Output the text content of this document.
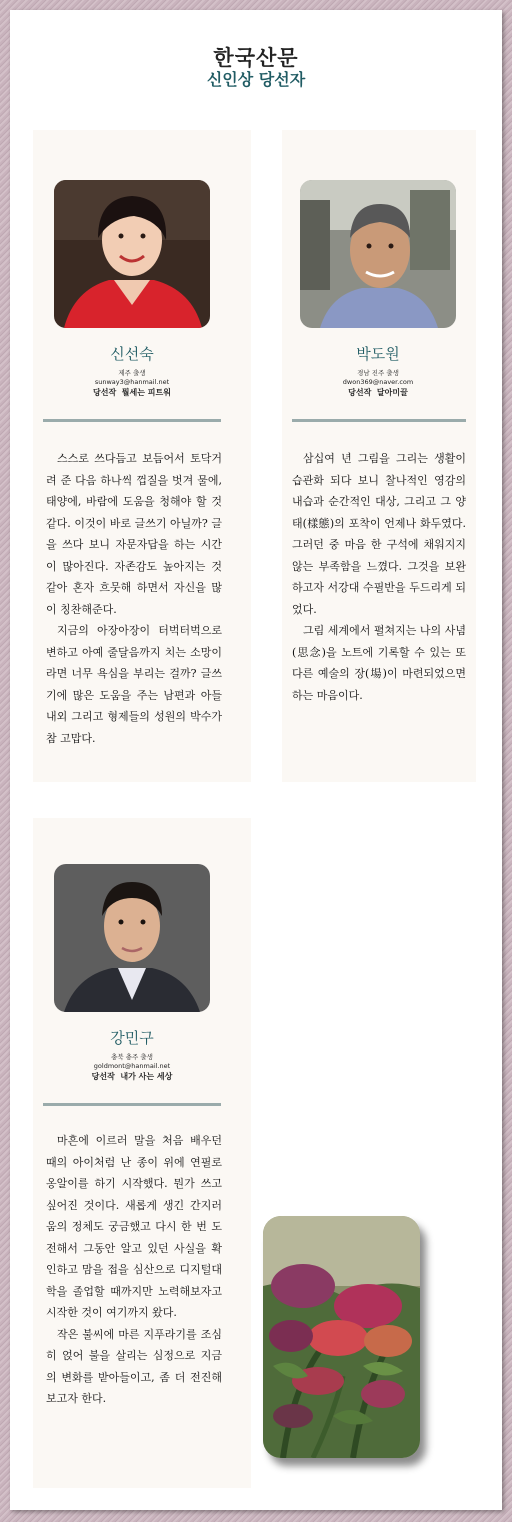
한국산문
신인상 당선자
신선숙
제주 출생
sunway3@hanmail.net
당선작 뭘세는 피트워

스스로 쓰다듬고 보듬어서 토닥거려 준 다음 하나씩 껍질을 벗겨 물에, 태양에, 바람에 도움을 청해야 할 것 같다. 이것이 바로 글쓰기 아닐까? 글을 쓰다 보니 자문자답을 하는 시간이 많아진다. 자존감도 높아지는 것 같아 혼자 흐뭇해 하면서 자신을 많이 칭찬해준다.

지금의 아장아장이 터벅터벅으로 변하고 아예 줄달음까지 치는 소망이라면 너무 욕심을 부리는 걸까? 글쓰기에 많은 도움을 주는 남편과 아들 내외 그리고 형제들의 성원의 박수가 참 고맙다.

박도원
경남 진주 출생
dwon369@naver.com
당선작 달아미끌

삼십여 년 그림을 그리는 생활이 습관화 되다 보니 찰나적인 영감의 내습과 순간적인 대상, 그리고 그 양태(樣態)의 포착이 언제나 화두였다. 그러던 중 마음 한 구석에 채워지지 않는 부족함을 느꼈다. 그것을 보완하고자 서강대 수필반을 두드리게 되었다.

그림 세계에서 펼쳐지는 나의 사념(思念)을 노트에 기록할 수 있는 또 다른 예술의 장(場)이 마련되었으면 하는 마음이다.

강민구
충북 충주 출생
goldmont@hanmail.net
당선작 내가 사는 세상

마흔에 이르러 말을 처음 배우던 때의 아이처럼 난 종이 위에 연필로 옹알이를 하기 시작했다. 뭔가 쓰고 싶어진 것이다. 새롭게 생긴 간지러움의 정체도 궁금했고 다시 한 번 도전해서 그동안 알고 있던 사실을 확인하고 맘을 접을 심산으로 디지털대학을 졸업할 때까지만 노력해보자고 시작한 것이 여기까지 왔다.

작은 불씨에 마른 지푸라기를 조심히 얹어 불을 살리는 심정으로 지금의 변화를 받아들이고, 좀 더 전진해 보고자 한다.
